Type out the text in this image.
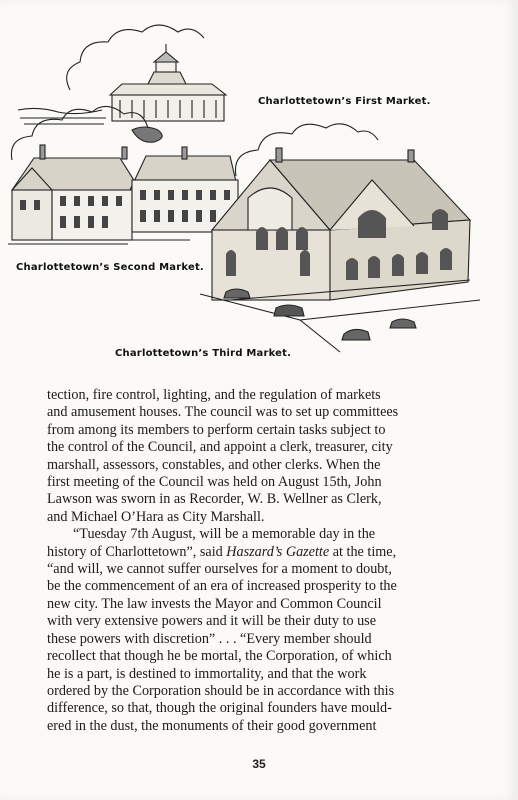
Charlottetown’s First Market.
Charlottetown’s Second Market.
Charlottetown’s Third Market.

tection, fire control, lighting, and the regulation of markets
and amusement houses. The council was to set up committees
from among its members to perform certain tasks subject to
the control of the Council, and appoint a clerk, treasurer, city
marshall, assessors, constables, and other clerks. When the
first meeting of the Council was held on August 15th, John
Lawson was sworn in as Recorder, W. B. Wellner as Clerk,
and Michael O’Hara as City Marshall.

“Tuesday 7th August, will be a memorable day in the
history of Charlottetown”, said Haszard’s Gazette at the time,
“and will, we cannot suffer ourselves for a moment to doubt,
be the commencement of an era of increased prosperity to the
new city. The law invests the Mayor and Common Council
with very extensive powers and it will be their duty to use
these powers with discretion” . . . “Every member should
recollect that though he be mortal, the Corporation, of which
he is a part, is destined to immortality, and that the work
ordered by the Corporation should be in accordance with this
difference, so that, though the original founders have mould-
ered in the dust, the monuments of their good government

35
